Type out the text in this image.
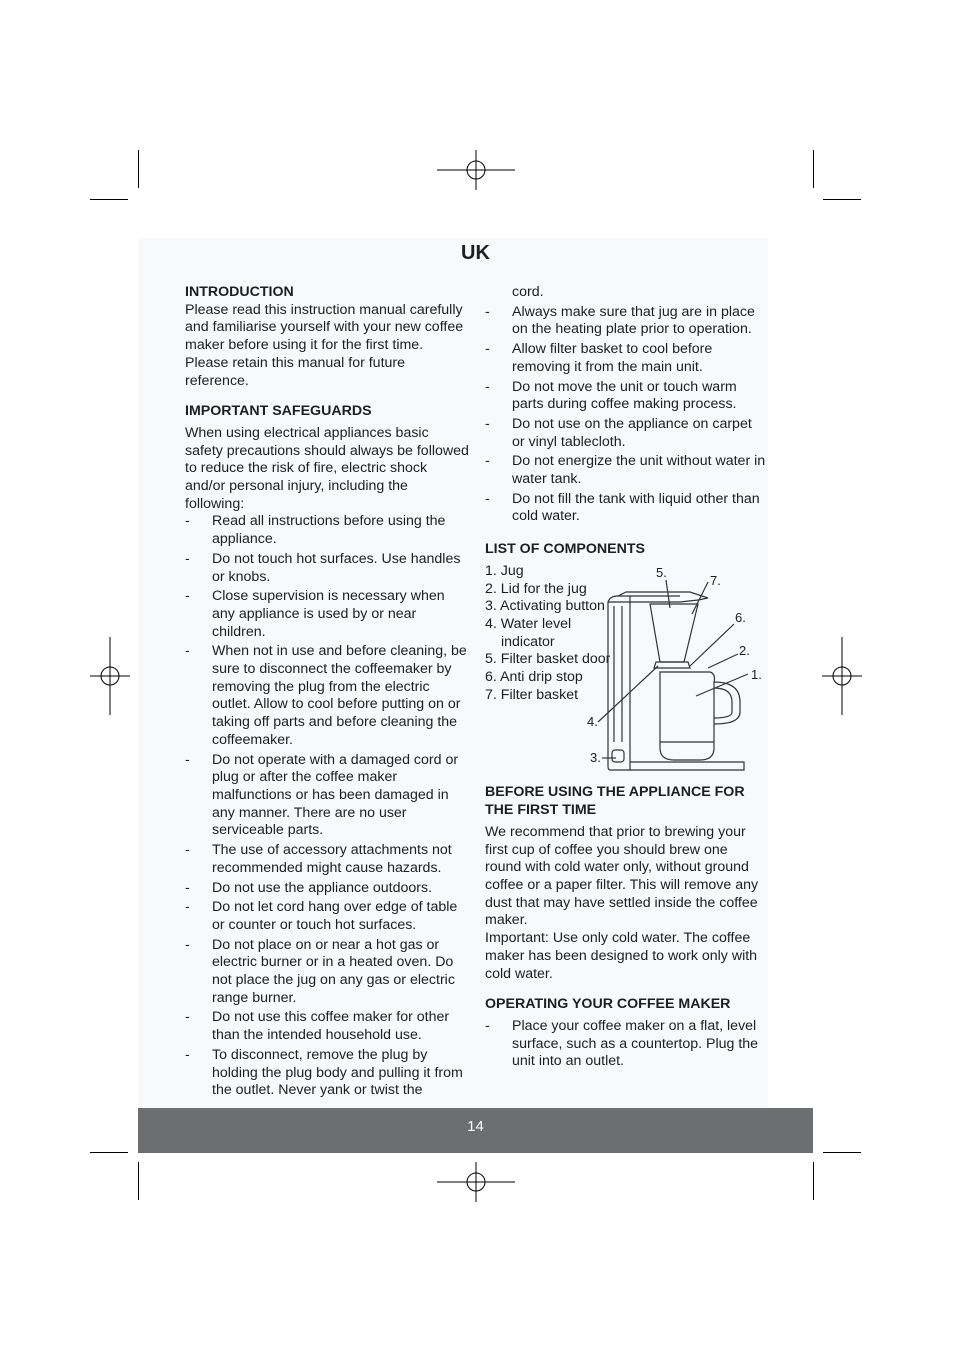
UK
INTRODUCTION

Please read this instruction manual carefully and familiarise yourself with your new coffee maker before using it for the first time. Please retain this manual for future reference.

IMPORTANT SAFEGUARDS

When using electrical appliances basic safety precautions should always be followed to reduce the risk of fire, electric shock and/or personal injury, including the following:

- Read all instructions before using the appliance.
- Do not touch hot surfaces. Use handles or knobs.
- Close supervision is necessary when any appliance is used by or near children.
- When not in use and before cleaning, be sure to disconnect the coffeemaker by removing the plug from the electric outlet. Allow to cool before putting on or taking off parts and before cleaning the coffeemaker.
- Do not operate with a damaged cord or plug or after the coffee maker malfunctions or has been damaged in any manner. There are no user serviceable parts.
- The use of accessory attachments not recommended might cause hazards.
- Do not use the appliance outdoors.
- Do not let cord hang over edge of table or counter or touch hot surfaces.
- Do not place on or near a hot gas or electric burner or in a heated oven. Do not place the jug on any gas or electric range burner.
- Do not use this coffee maker for other than the intended household use.
- To disconnect, remove the plug by holding the plug body and pulling it from the outlet. Never yank or twist the

cord.

- Always make sure that jug are in place on the heating plate prior to operation.
- Allow filter basket to cool before removing it from the main unit.
- Do not move the unit or touch warm parts during coffee making process.
- Do not use on the appliance on carpet or vinyl tablecloth.
- Do not energize the unit without water in water tank.
- Do not fill the tank with liquid other than cold water.
LIST OF COMPONENTS
1. Jug
2. Lid for the jug
3. Activating button
4. Water level indicator
5. Filter basket door
6. Anti drip stop
7. Filter basket
BEFORE USING THE APPLIANCE FOR THE FIRST TIME

We recommend that prior to brewing your first cup of coffee you should brew one round with cold water only, without ground coffee or a paper filter. This will remove any dust that may have settled inside the coffee maker.

Important: Use only cold water. The coffee maker has been designed to work only with cold water.

OPERATING YOUR COFFEE MAKER
- Place your coffee maker on a flat, level surface, such as a countertop. Plug the unit into an outlet.
5.
7.
6.
2.
1.
4.
3.
14
